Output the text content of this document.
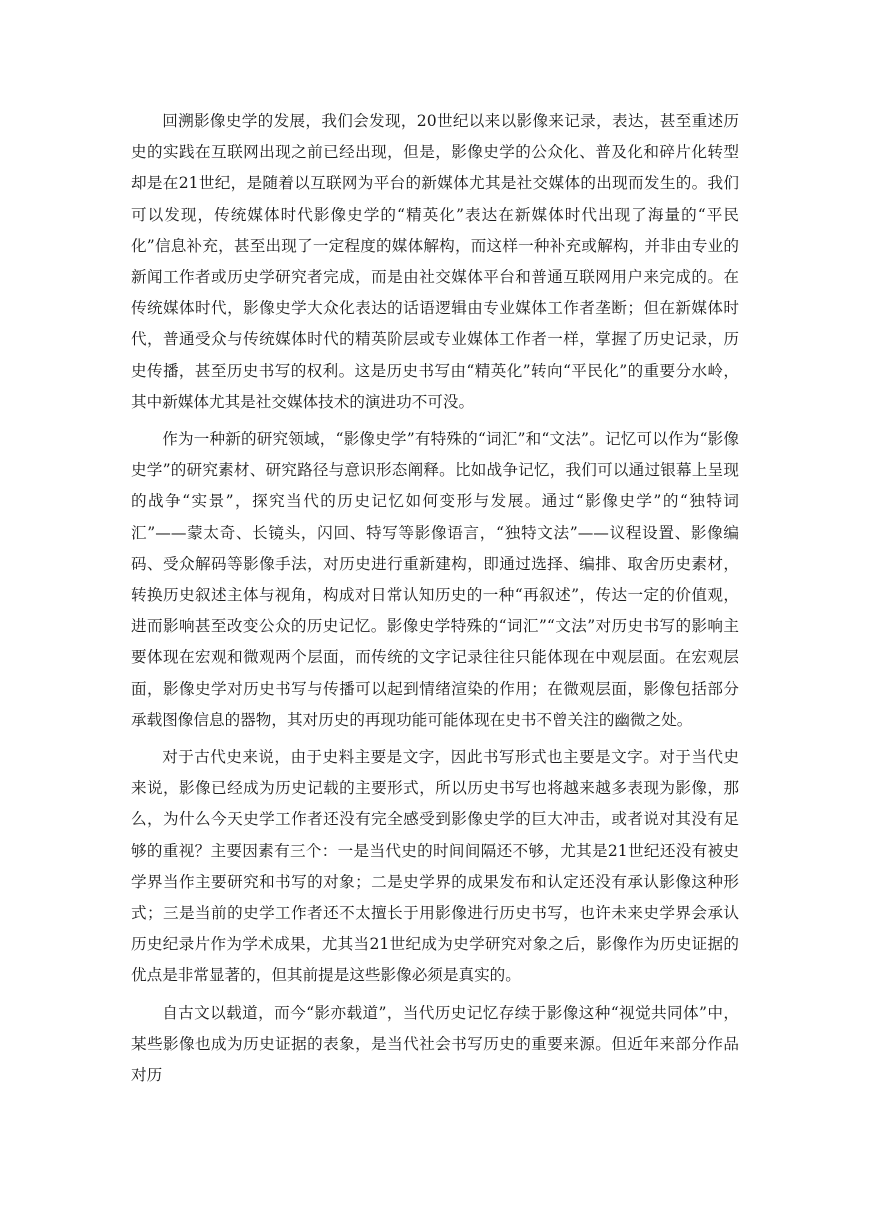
回溯影像史学的发展，我们会发现，20世纪以来以影像来记录，表达，甚至重述历史的实践在互联网出现之前已经出现，但是，影像史学的公众化、普及化和碎片化转型却是在21世纪，是随着以互联网为平台的新媒体尤其是社交媒体的出现而发生的。我们可以发现，传统媒体时代影像史学的“精英化”表达在新媒体时代出现了海量的“平民化”信息补充，甚至出现了一定程度的媒体解构，而这样一种补充或解构，并非由专业的新闻工作者或历史学研究者完成，而是由社交媒体平台和普通互联网用户来完成的。在传统媒体时代，影像史学大众化表达的话语逻辑由专业媒体工作者垄断；但在新媒体时代，普通受众与传统媒体时代的精英阶层或专业媒体工作者一样，掌握了历史记录，历史传播，甚至历史书写的权利。这是历史书写由“精英化”转向“平民化”的重要分水岭，其中新媒体尤其是社交媒体技术的演进功不可没。

作为一种新的研究领域，“影像史学”有特殊的“词汇”和“文法”。记忆可以作为“影像史学”的研究素材、研究路径与意识形态阐释。比如战争记忆，我们可以通过银幕上呈现的战争“实景”，探究当代的历史记忆如何变形与发展。通过“影像史学”的“独特词汇”——蒙太奇、长镜头，闪回、特写等影像语言，“独特文法”——议程设置、影像编码、受众解码等影像手法，对历史进行重新建构，即通过选择、编排、取舍历史素材，转换历史叙述主体与视角，构成对日常认知历史的一种“再叙述”，传达一定的价值观，进而影响甚至改变公众的历史记忆。影像史学特殊的“词汇”“文法”对历史书写的影响主要体现在宏观和微观两个层面，而传统的文字记录往往只能体现在中观层面。在宏观层面，影像史学对历史书写与传播可以起到情绪渲染的作用；在微观层面，影像包括部分承载图像信息的器物，其对历史的再现功能可能体现在史书不曾关注的幽微之处。

对于古代史来说，由于史料主要是文字，因此书写形式也主要是文字。对于当代史来说，影像已经成为历史记载的主要形式，所以历史书写也将越来越多表现为影像，那么，为什么今天史学工作者还没有完全感受到影像史学的巨大冲击，或者说对其没有足够的重视？主要因素有三个：一是当代史的时间间隔还不够，尤其是21世纪还没有被史学界当作主要研究和书写的对象；二是史学界的成果发布和认定还没有承认影像这种形式；三是当前的史学工作者还不太擅长于用影像进行历史书写，也许未来史学界会承认历史纪录片作为学术成果，尤其当21世纪成为史学研究对象之后，影像作为历史证据的优点是非常显著的，但其前提是这些影像必须是真实的。

自古文以载道，而今“影亦载道”，当代历史记忆存续于影像这种“视觉共同体”中，某些影像也成为历史证据的表象，是当代社会书写历史的重要来源。但近年来部分作品对历
